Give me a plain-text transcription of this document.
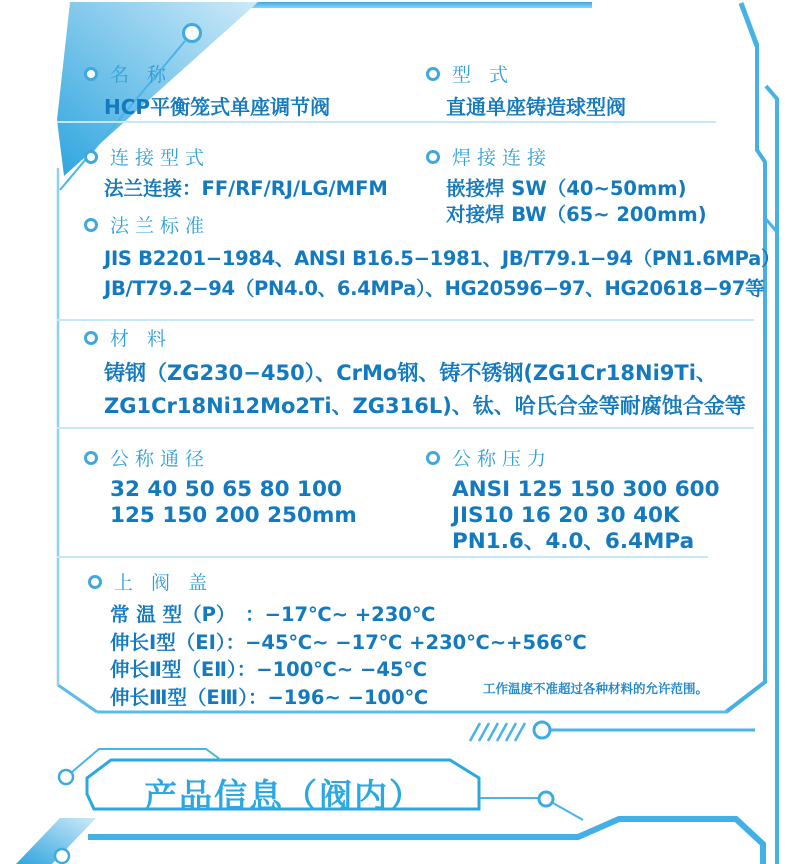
名 称
HCP平衡笼式单座调节阀
型 式
直通单座铸造球型阀
连接型式
法兰连接：FF/RF/RJ/LG/MFM
焊接连接
嵌接焊 SW（40~50mm)
对接焊 BW（65~ 200mm)
法兰标准
JIS B2201−1984、ANSI B16.5−1981、JB/T79.1−94（PN1.6MPa）
JB/T79.2−94（PN4.0、6.4MPa）、HG20596−97、HG20618−97等
材 料
铸钢（ZG230−450）、CrMo钢、铸不锈钢(ZG1Cr18Ni9Ti、
ZG1Cr18Ni12Mo2Ti、ZG316L)、钛、哈氏合金等耐腐蚀合金等
公称通径
32 40 50 65 80 100
125 150 200 250mm
公称压力
ANSI 125 150 300 600
JIS10 16 20 30 40K
PN1.6、4.0、6.4MPa
上 阀 盖
常 温 型（P）　：−17℃~ +230℃
伸长Ⅰ型（EⅠ）：−45℃~ −17℃ +230℃~+566℃
伸长Ⅱ型（EⅡ）：−100℃~ −45℃
伸长Ⅲ型（EⅢ）：−196~ −100℃	工作温度不准超过各种材料的允许范围。
产品信息（阀内）
